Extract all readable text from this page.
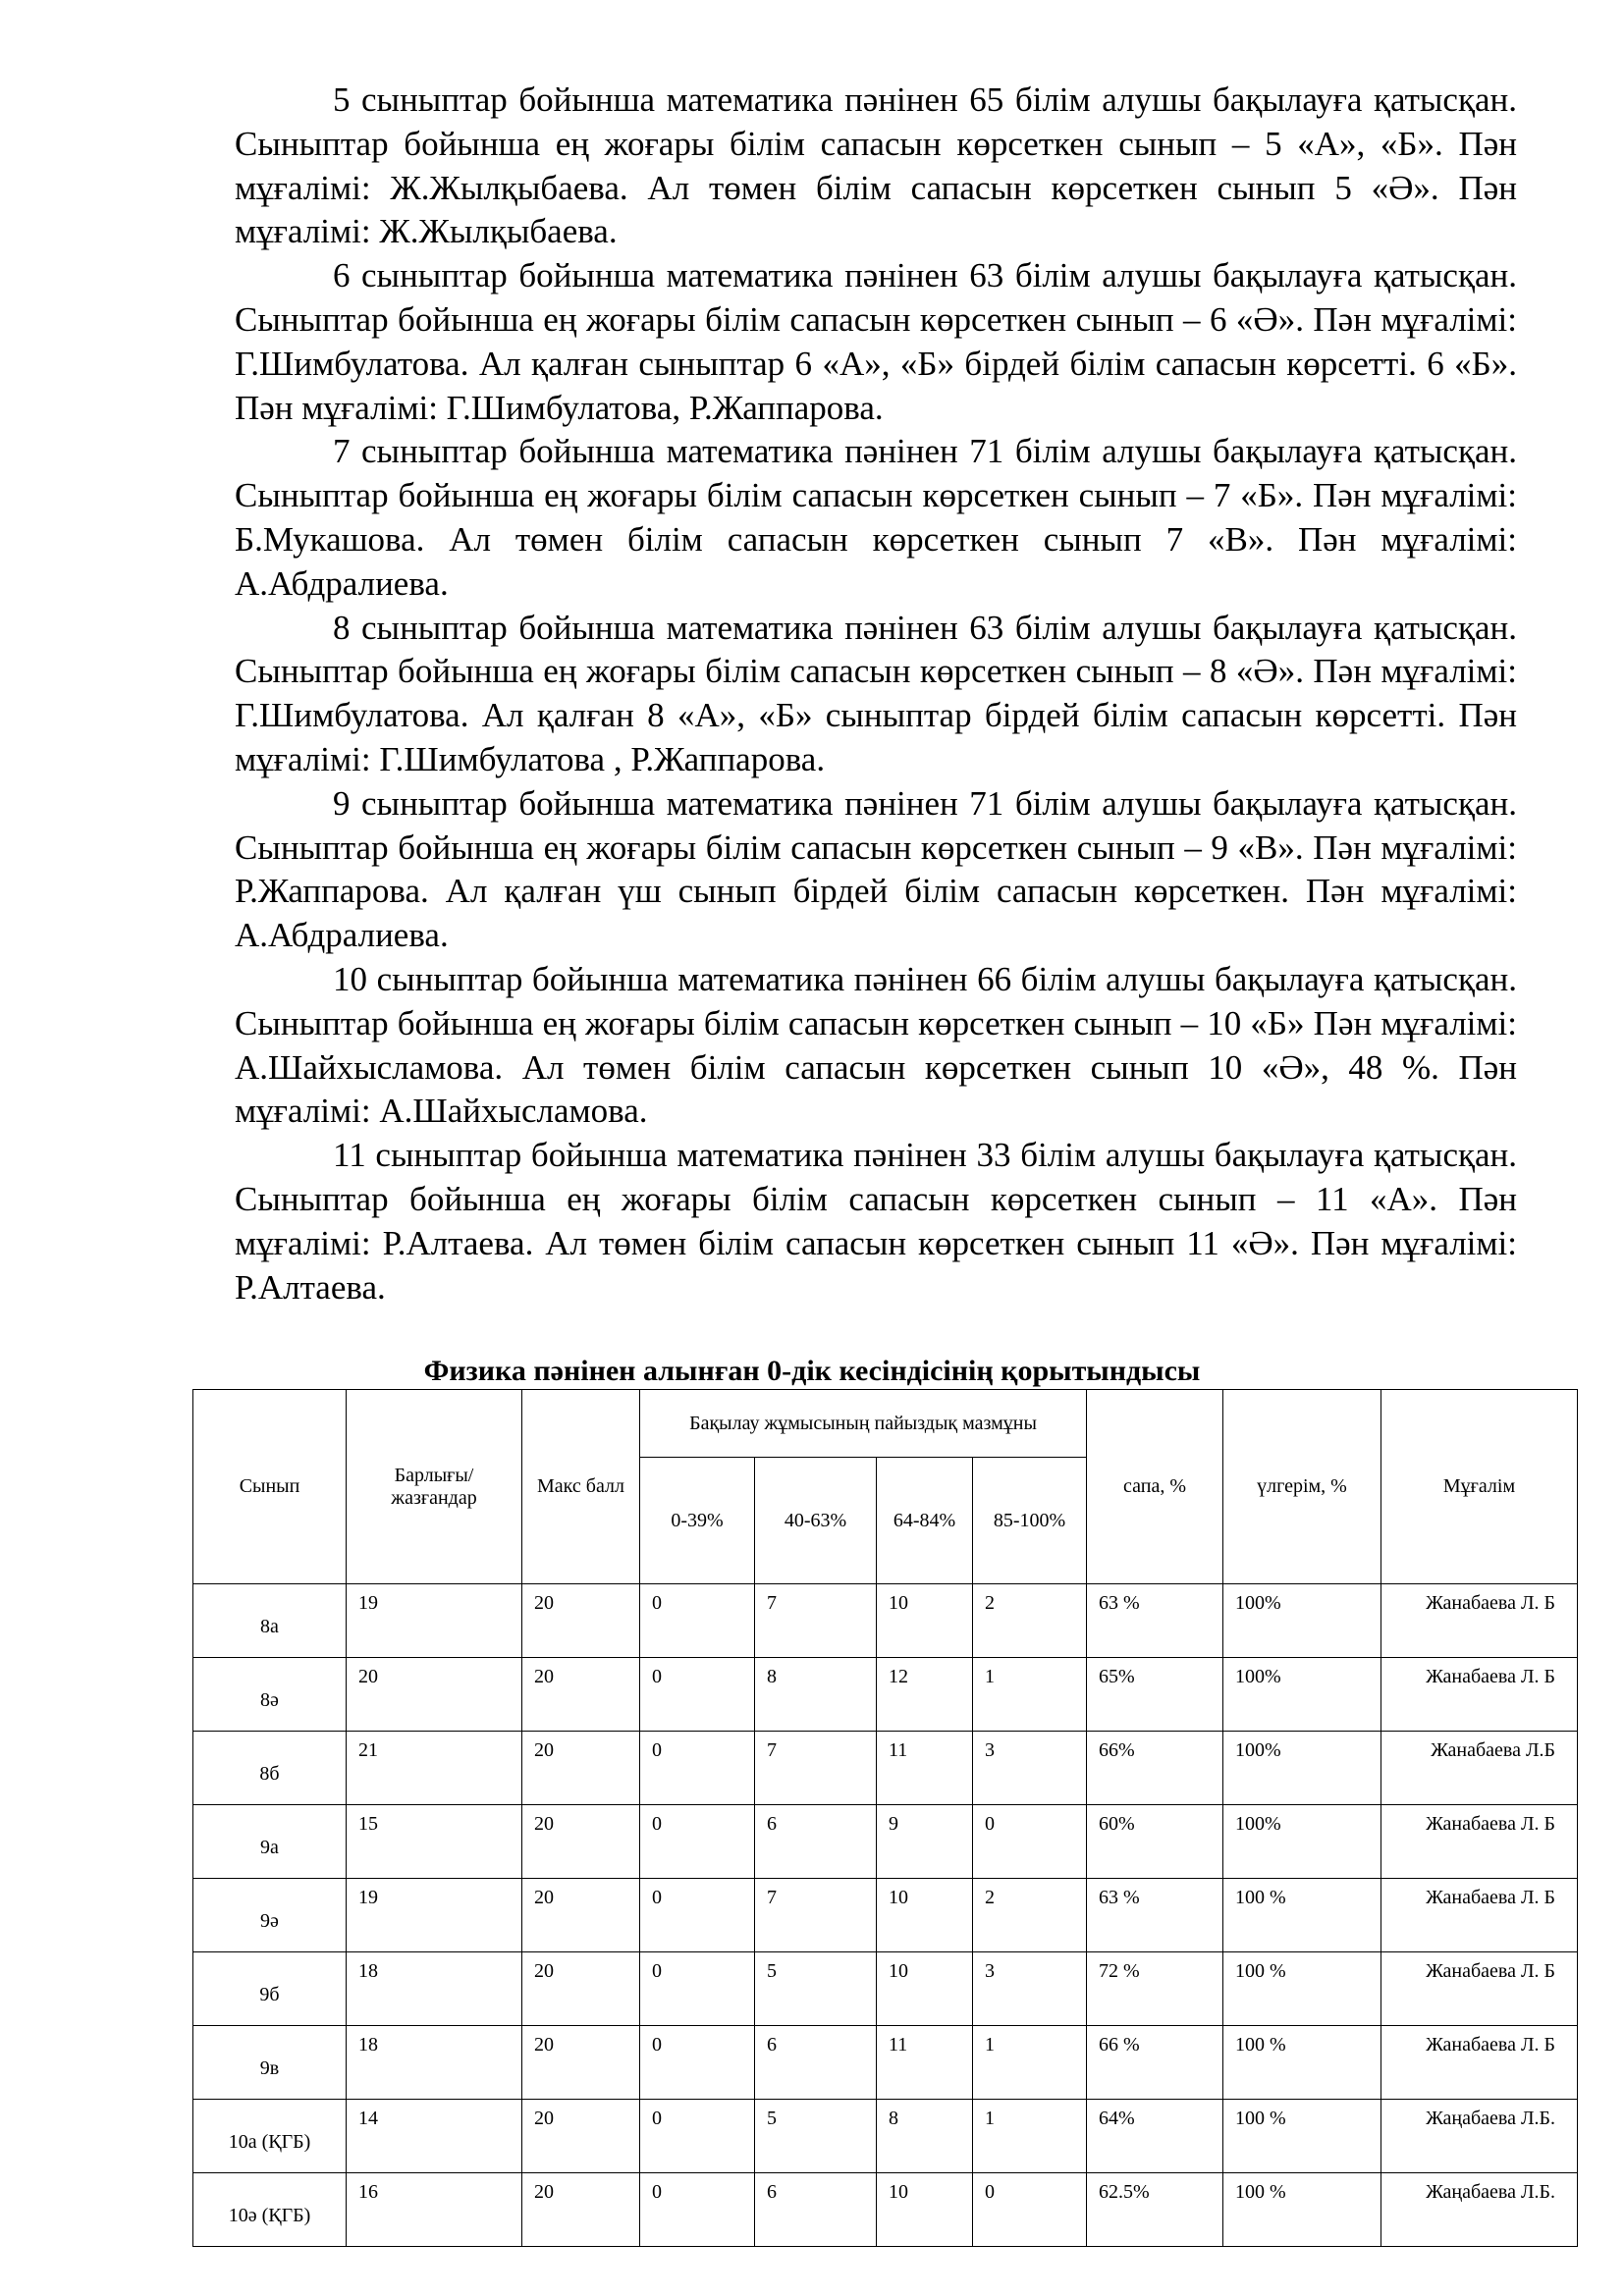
5 сыныптар бойынша математика пәнінен 65 білім алушы бақылауға қатысқан. Сыныптар бойынша ең жоғары білім сапасын көрсеткен сынып – 5 «А», «Б». Пән мұғалімі: Ж.Жылқыбаева. Ал төмен білім сапасын көрсеткен сынып 5 «Ә». Пән мұғалімі: Ж.Жылқыбаева.

6 сыныптар бойынша математика пәнінен 63 білім алушы бақылауға қатысқан. Сыныптар бойынша ең жоғары білім сапасын көрсеткен сынып – 6 «Ә». Пән мұғалімі: Г.Шимбулатова. Ал қалған сыныптар 6 «А», «Б» бірдей білім сапасын көрсетті. 6 «Б». Пән мұғалімі: Г.Шимбулатова, Р.Жаппарова.

7 сыныптар бойынша математика пәнінен 71 білім алушы бақылауға қатысқан. Сыныптар бойынша ең жоғары білім сапасын көрсеткен сынып – 7 «Б». Пән мұғалімі: Б.Мукашова. Ал төмен білім сапасын көрсеткен сынып 7 «В». Пән мұғалімі: А.Абдралиева.

8 сыныптар бойынша математика пәнінен 63 білім алушы бақылауға қатысқан. Сыныптар бойынша ең жоғары білім сапасын көрсеткен сынып – 8 «Ә». Пән мұғалімі: Г.Шимбулатова. Ал қалған 8 «А», «Б» сыныптар бірдей білім сапасын көрсетті. Пән мұғалімі: Г.Шимбулатова , Р.Жаппарова.

9 сыныптар бойынша математика пәнінен 71 білім алушы бақылауға қатысқан. Сыныптар бойынша ең жоғары білім сапасын көрсеткен сынып – 9 «В». Пән мұғалімі: Р.Жаппарова. Ал қалған үш сынып бірдей білім сапасын көрсеткен. Пән мұғалімі: А.Абдралиева.

10 сыныптар бойынша математика пәнінен 66 білім алушы бақылауға қатысқан. Сыныптар бойынша ең жоғары білім сапасын көрсеткен сынып – 10 «Б» Пән мұғалімі: А.Шайхысламова. Ал төмен білім сапасын көрсеткен сынып 10 «Ә», 48 %. Пән мұғалімі: А.Шайхысламова.

11 сыныптар бойынша математика пәнінен 33 білім алушы бақылауға қатысқан. Сыныптар бойынша ең жоғары білім сапасын көрсеткен сынып – 11 «А». Пән мұғалімі: Р.Алтаева. Ал төмен білім сапасын көрсеткен сынып 11 «Ә». Пән мұғалімі: Р.Алтаева.

Физика пәнінен алынған 0-дік кесіндісінің қорытындысы
Сынып	Барлығы/ жазғандар	Макс балл	Бақылау жұмысының пайыздық мазмұны				сапа, %	үлгерім, %	Мұғалім
			0-39%	40-63%	64-84%	85-100%			
8а	19	20	0	7	10	2	63 %	100%	Жанабаева Л. Б
8ә	20	20	0	8	12	1	65%	100%	Жанабаева Л. Б
8б	21	20	0	7	11	3	66%	100%	Жанабаева Л.Б
9а	15	20	0	6	9	0	60%	100%	Жанабаева Л. Б
9ә	19	20	0	7	10	2	63 %	100 %	Жанабаева Л. Б
9б	18	20	0	5	10	3	72 %	100 %	Жанабаева Л. Б
9в	18	20	0	6	11	1	66 %	100 %	Жанабаева Л. Б
10а (ҚГБ)	14	20	0	5	8	1	64%	100 %	Жаңабаева Л.Б.
10ә (ҚГБ)	16	20	0	6	10	0	62.5%	100 %	Жаңабаева Л.Б.
